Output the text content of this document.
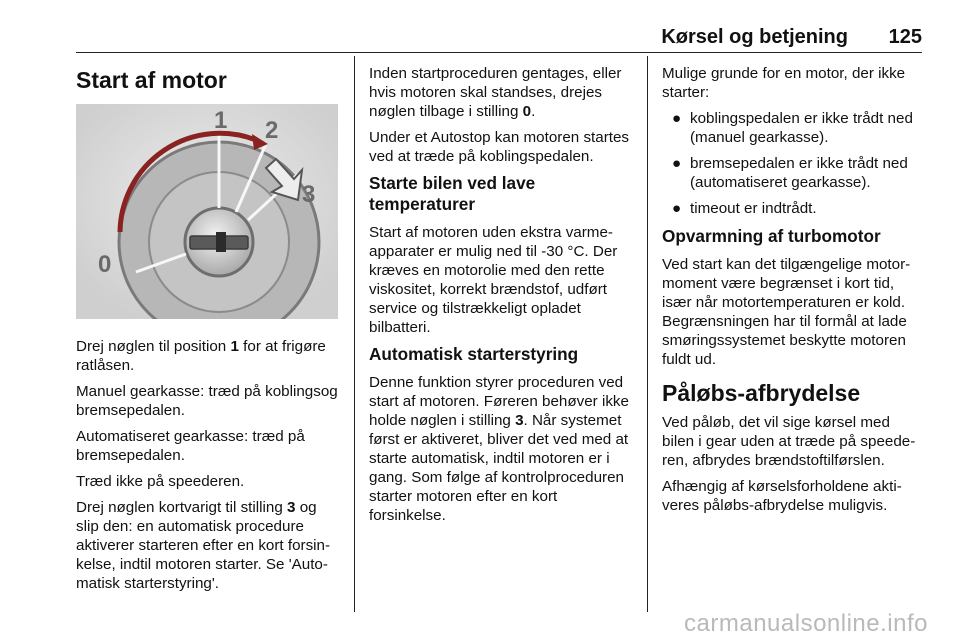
Kørsel og betjening 125
Start af motor
1 2
3
0

Drej nøglen til position 1 for at frigøre ratlåsen.

Manuel gearkasse: træd på koblingsog bremsepedalen.

Automatiseret gearkasse: træd på bremsepedalen.

Træd ikke på speederen.

Drej nøglen kortvarigt til stilling 3 og slip den: en automatisk procedure aktiverer starteren efter en kort forsinkelse, indtil motoren starter. Se 'Automatisk starterstyring'.

Inden startproceduren gentages, eller hvis motoren skal standses, drejes nøglen tilbage i stilling 0.

Under et Autostop kan motoren startes ved at træde på koblingspedalen.

Starte bilen ved lave temperaturer

Start af motoren uden ekstra varmeapparater er mulig ned til -30 °C. Der kræves en motorolie med den rette viskositet, korrekt brændstof, udført service og tilstrækkeligt opladet bilbatteri.

Automatisk starterstyring

Denne funktion styrer proceduren ved start af motoren. Føreren behøver ikke holde nøglen i stilling 3. Når systemet først er aktiveret, bliver det ved med at starte automatisk, indtil motoren er i gang. Som følge af kontrolproceduren starter motoren efter en kort forsinkelse.

Mulige grunde for en motor, der ikke starter:

● koblingspedalen er ikke trådt ned (manuel gearkasse).
● bremsepedalen er ikke trådt ned (automatiseret gearkasse).
● timeout er indtrådt.
Opvarmning af turbomotor

Ved start kan det tilgængelige motormoment være begrænset i kort tid, især når motortemperaturen er kold. Begrænsningen har til formål at lade smøringssystemet beskytte motoren fuldt ud.

Påløbs-afbrydelse

Ved påløb, det vil sige kørsel med bilen i gear uden at træde på speederen, afbrydes brændstoftilførslen.

Afhængig af kørselsforholdene aktiveres påløbs-afbrydelse muligvis.

carmanualsonline.info
